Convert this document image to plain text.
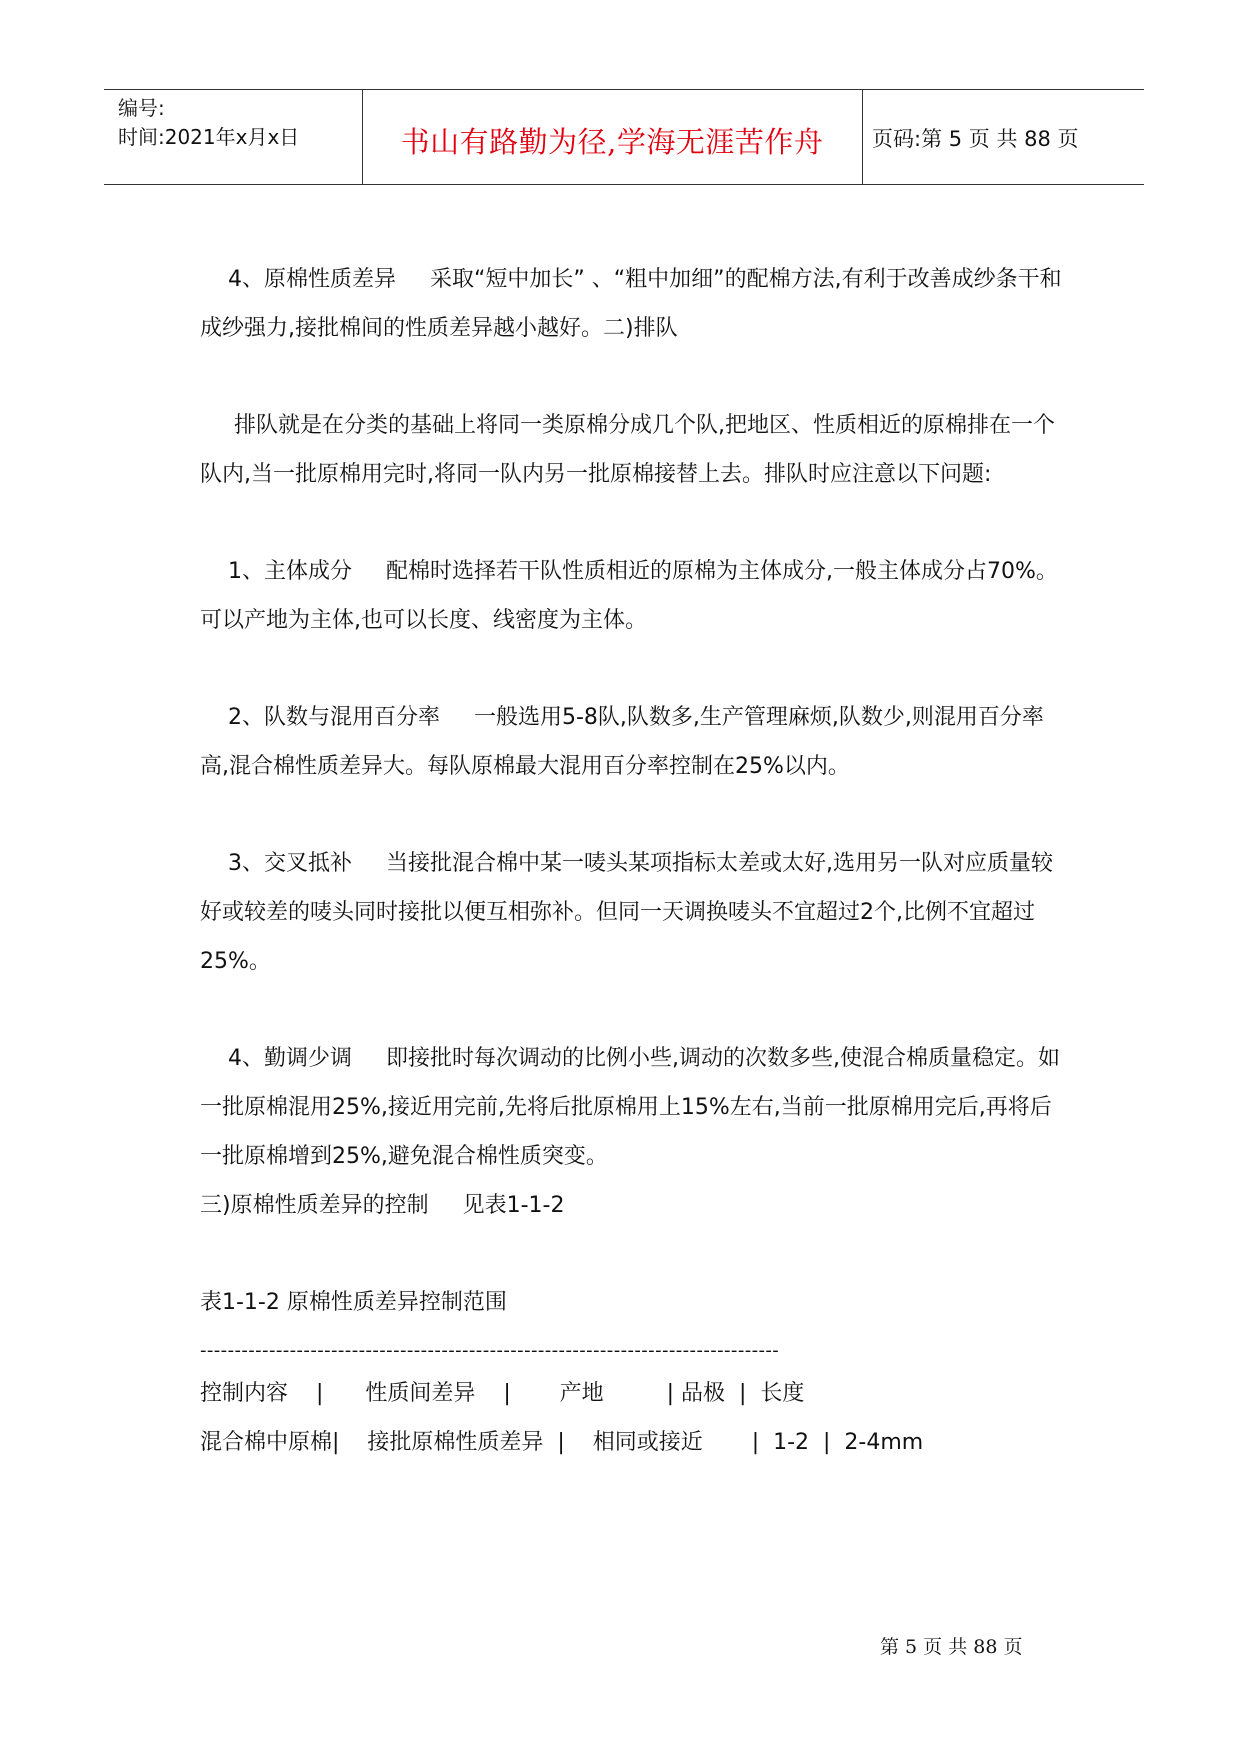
编号:
时间:2021年x月x日	书山有路勤为径,学海无涯苦作舟	页码:第 5 页 共 88 页

4、原棉性质差异 采取“短中加长” 、“粗中加细”的配棉方法,有利于改善成纱条干和成纱强力,接批棉间的性质差异越小越好。二)排队

排队就是在分类的基础上将同一类原棉分成几个队,把地区、性质相近的原棉排在一个队内,当一批原棉用完时,将同一队内另一批原棉接替上去。排队时应注意以下问题:

1、主体成分 配棉时选择若干队性质相近的原棉为主体成分,一般主体成分占70%。可以产地为主体,也可以长度、线密度为主体。

2、队数与混用百分率 一般选用5-8队,队数多,生产管理麻烦,队数少,则混用百分率高,混合棉性质差异大。每队原棉最大混用百分率控制在25%以内。

3、交叉抵补 当接批混合棉中某一唛头某项指标太差或太好,选用另一队对应质量较好或较差的唛头同时接批以便互相弥补。但同一天调换唛头不宜超过2个,比例不宜超过25%。

4、勤调少调 即接批时每次调动的比例小些,调动的次数多些,使混合棉质量稳定。如一批原棉混用25%,接近用完前,先将后批原棉用上15%左右,当前一批原棉用完后,再将后一批原棉增到25%,避免混合棉性质突变。

三)原棉性质差异的控制 见表1-1-2

表1-1-2 原棉性质差异控制范围

------------------------------------------------------------------------------------

控制内容    |      性质间差异    |       产地         | 品极  |  长度

混合棉中原棉|    接批原棉性质差异  |    相同或接近       |  1-2  |  2-4mm

第 5 页 共 88 页
